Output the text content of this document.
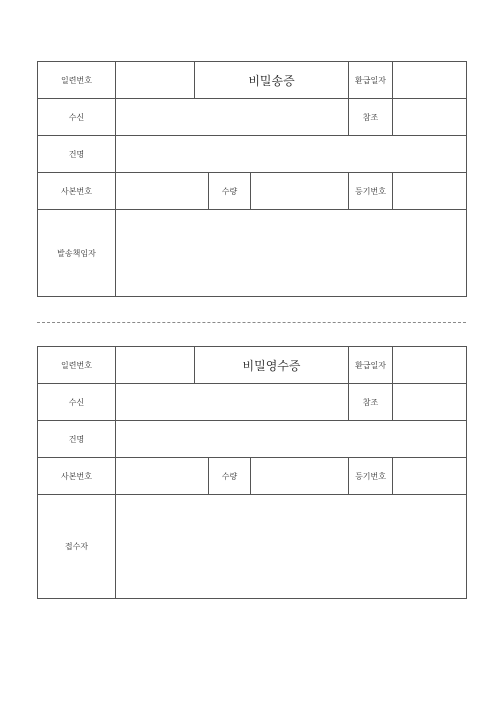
일련번호		비밀송증			환급일자	
수신					참조	
건명						
사본번호			수량		등기번호	
발송책임자						
일련번호		비밀영수증			환급일자	
수신					참조	
건명						
사본번호			수량		등기번호	
접수자						
